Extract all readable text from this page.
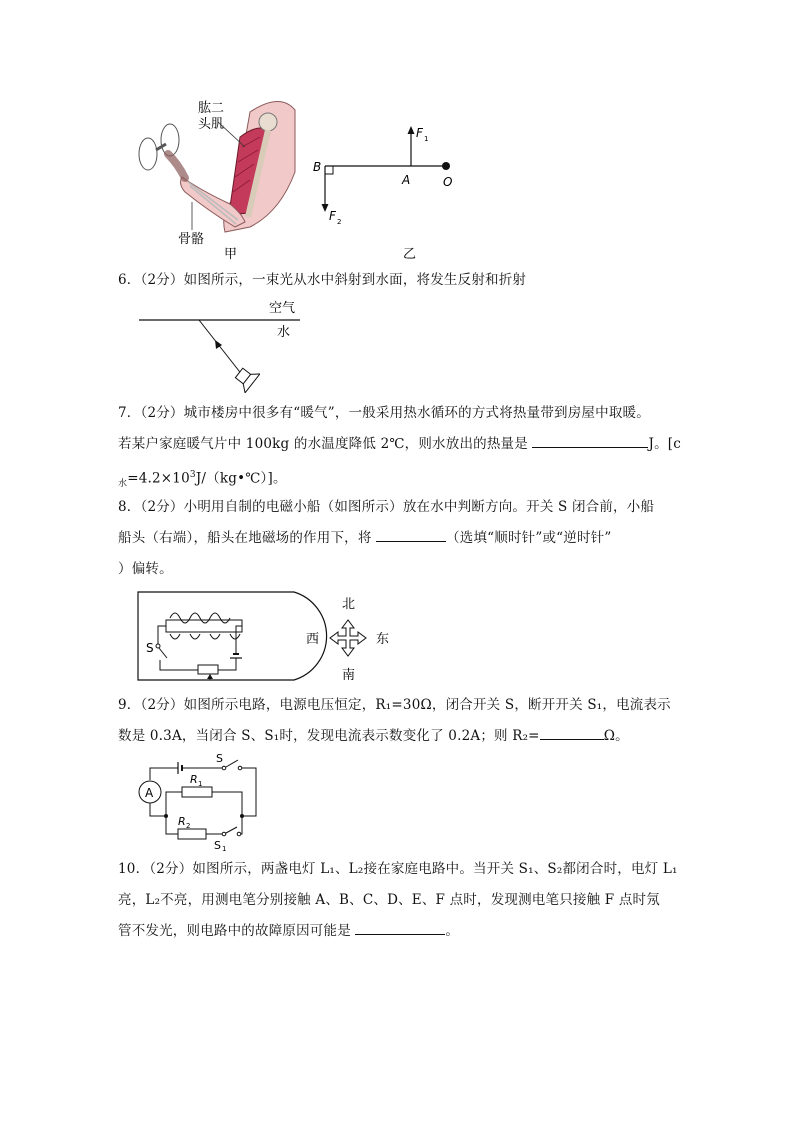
肱二
头肌
骨骼
甲
B
A	O
F 1
F 2
乙
6．（2分）如图所示，一束光从水中斜射到水面，将发生反射和折射
空气
水
7．（2分）城市楼房中很多有“暖气”，一般采用热水循环的方式将热量带到房屋中取暖。
若某户家庭暖气片中 100kg 的水温度降低 2℃，则水放出的热量是	J。[c
$_水=4.2\times 10^3J/(kg•℃)$]。
8．（2分）小明用自制的电磁小船（如图所示）放在水中判断方向。开关 S 闭合前，小船
船头（右端），船头在地磁场的作用下，将	（选填“顺时针”或“逆时针”
）偏转。
S
北
南
东
西
9．（2分）如图所示电路，电源电压恒定，R₁=30Ω，闭合开关 S，断开开关 S₁，电流表示
数是 0.3A，当闭合 S、S₁时，发现电流表示数变化了 0.2A；则 R₂=	Ω。
A
S
R 1
R 2
S 1
10．（2分）如图所示，两盏电灯 L₁、L₂接在家庭电路中。当开关 S₁、S₂都闭合时，电灯 L₁
亮，L₂不亮，用测电笔分别接触 A、B、C、D、E、F 点时，发现测电笔只接触 F 点时氖
管不发光，则电路中的故障原因可能是	。
